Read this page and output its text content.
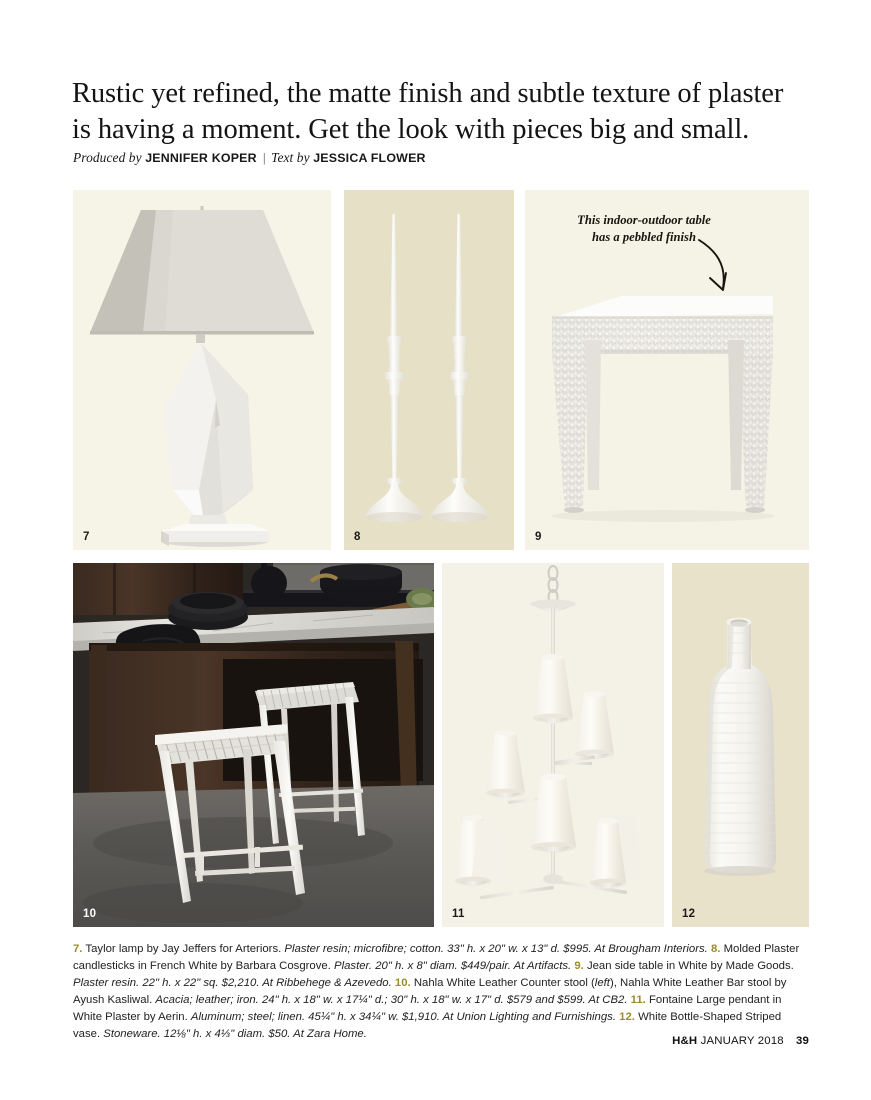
Rustic yet refined, the matte finish and subtle texture of plaster is having a moment. Get the look with pieces big and small.
Produced by JENNIFER KOPER | Text by JESSICA FLOWER
7	8
This indoor-outdoor table
has a pebbled finish
9
10	11	12
7. Taylor lamp by Jay Jeffers for Arteriors. Plaster resin; microfibre; cotton. 33" h. x 20" w. x 13" d. $995. At Brougham Interiors. 8. Molded Plaster candlesticks in French White by Barbara Cosgrove. Plaster. 20" h. x 8" diam. $449/pair. At Artifacts. 9. Jean side table in White by Made Goods. Plaster resin. 22" h. x 22" sq. $2,210. At Ribbehege & Azevedo. 10. Nahla White Leather Counter stool (left), Nahla White Leather Bar stool by Ayush Kasliwal. Acacia; leather; iron. 24" h. x 18" w. x 17¼" d.; 30" h. x 18" w. x 17" d. $579 and $599. At CB2. 11. Fontaine Large pendant in White Plaster by Aerin. Aluminum; steel; linen. 45¼" h. x 34¼" w. $1,910. At Union Lighting and Furnishings. 12. White Bottle-Shaped Striped vase. Stoneware. 12⅛" h. x 4⅓" diam. $50. At Zara Home.
H&H JANUARY 2018 39
